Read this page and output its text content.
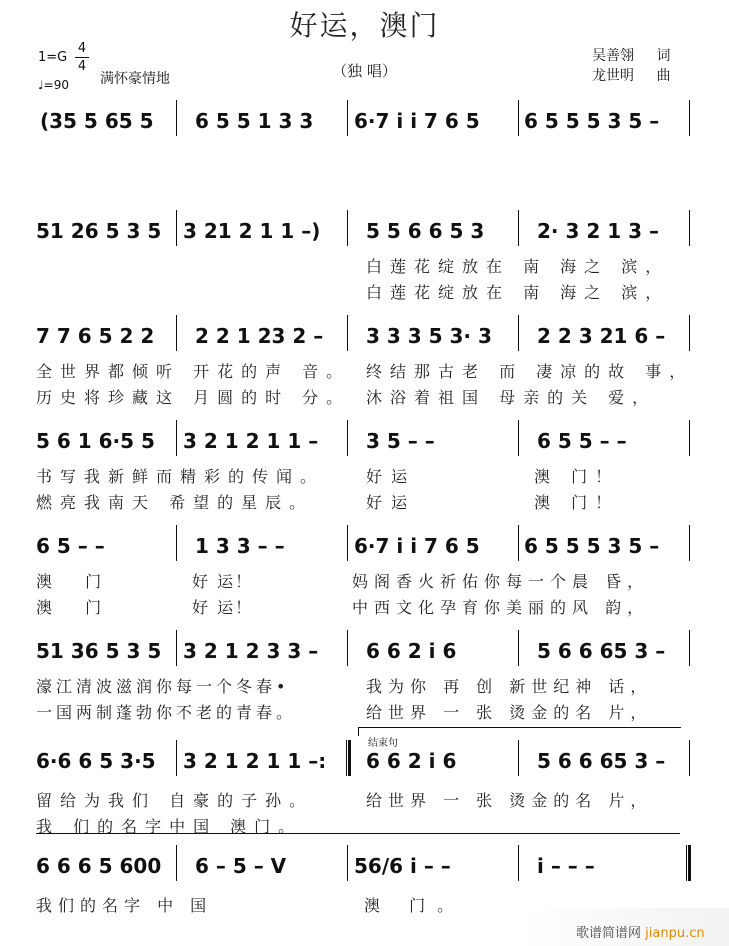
好运，澳门
（独 唱）
1=G
4
4
♩=90 满怀豪情地
吴善翎 词
龙世明 曲
(35 5 65 5 6 5 5 1 3 3 6·7 i i 7 6 5 6 5 5 5 3 5 –
51 26 5 3 5 3 21 2 1 1 –) 5 5 6 6 5 3	2· 3 2 1 3 –
白莲花绽放在 南 海之 滨，
白莲花绽放在 南 海之 滨，
7 7 6 5 2 2 2 2 1 23 2 – 3 3 3 5 3· 3 2 2 3 21 6 –
全世界都倾听 开花的声 音。
历史将珍藏这 月圆的时 分。
终结那古老 而 凄凉的故 事，
沐浴着祖国 母亲的关 爱，
5 6 1 6·5 5 3 2 1 2 1 1 – 3 5 – –	6 5 5 – –
书写我新鲜而精彩的传闻。
燃亮我南天 希望的星辰。
好 运
好 运
澳 门！
澳 门！
6 5 – –	1 3 3 – –	6·7 i i 7 6 5 6 5 5 5 3 5 –
澳 门
澳 门
好 运！
好 运！
妈阁香火祈佑你每一个晨 昏，
中西文化孕育你美丽的风 韵，
51 36 5 3 5 3 2 1 2 3 3 – 6 6 2 i 6	5 6 6 65 3 –
濠江清波滋润你每一个冬春•
一国两制蓬勃你不老的青春。
我为你 再 创 新世纪神 话，
给世界 一 张 烫金的名 片，
结束句
6·6 6 5 3·5 3 2 1 2 1 1 –: 6 6 2 i 6	5 6 6 65 3 –
留给为我们 自豪的子孙。
我 们的名字中国 澳门。
给世界 一 张 烫金的名 片，
6 6 6 5 600 6 – 5 – V	56/6 i – –	i – – –
我们的名字 中 国	澳 门。
歌谱简谱网 jianpu.cn
